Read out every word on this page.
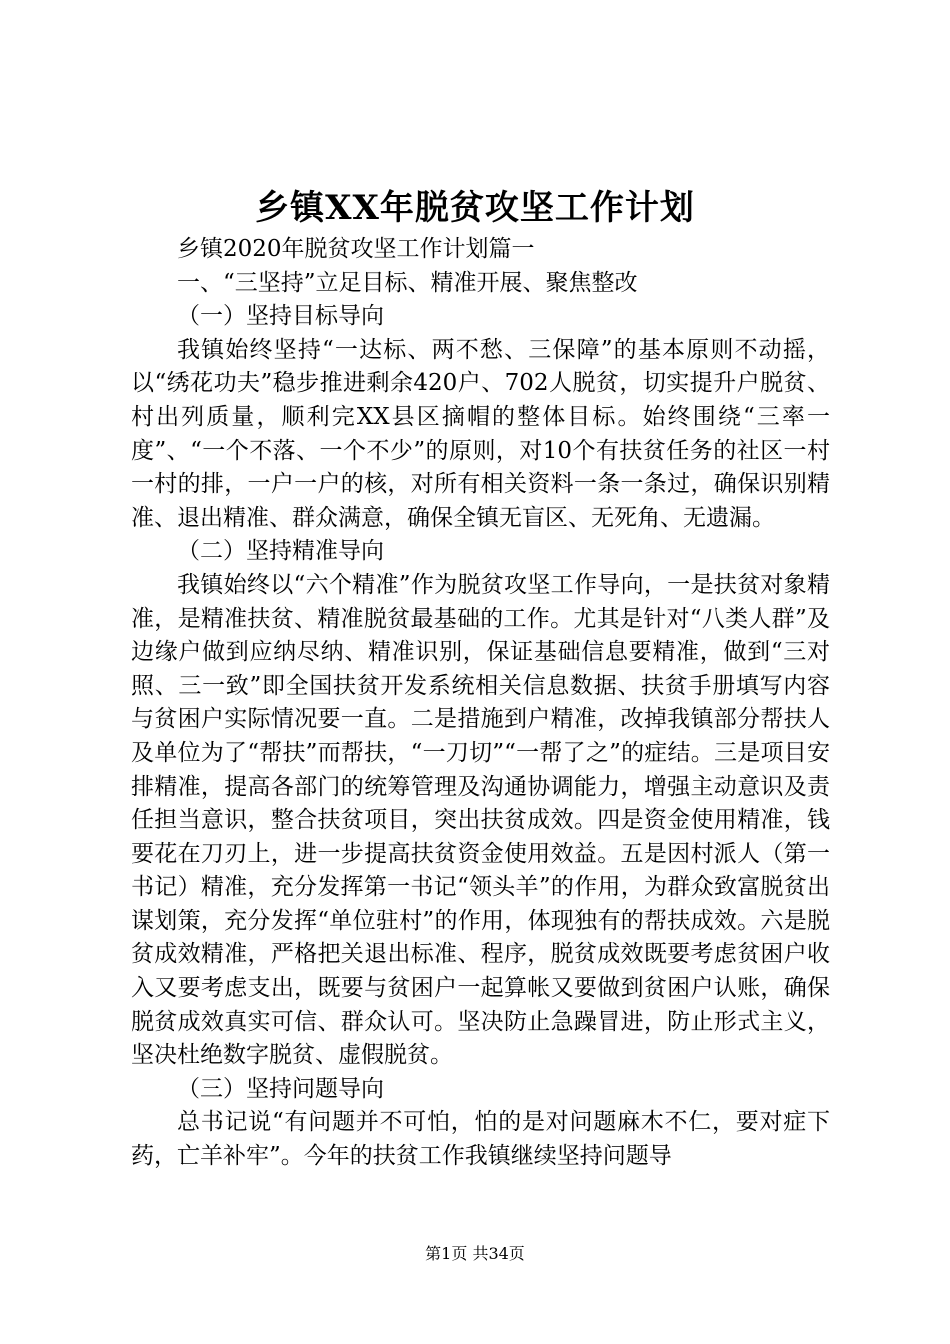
乡镇XX年脱贫攻坚工作计划

乡镇2020年脱贫攻坚工作计划篇一

一、“三坚持”立足目标、精准开展、聚焦整改

（一）坚持目标导向

我镇始终坚持“一达标、两不愁、三保障”的基本原则不动摇，以“绣花功夫”稳步推进剩余420户、702人脱贫，切实提升户脱贫、村出列质量，顺利完XX县区摘帽的整体目标。始终围绕“三率一度”、“一个不落、一个不少”的原则，对10个有扶贫任务的社区一村一村的排，一户一户的核，对所有相关资料一条一条过，确保识别精准、退出精准、群众满意，确保全镇无盲区、无死角、无遗漏。

（二）坚持精准导向

我镇始终以“六个精准”作为脱贫攻坚工作导向，一是扶贫对象精准，是精准扶贫、精准脱贫最基础的工作。尤其是针对“八类人群”及边缘户做到应纳尽纳、精准识别，保证基础信息要精准，做到“三对照、三一致”即全国扶贫开发系统相关信息数据、扶贫手册填写内容与贫困户实际情况要一直。二是措施到户精准，改掉我镇部分帮扶人及单位为了“帮扶”而帮扶，“一刀切”“一帮了之”的症结。三是项目安排精准，提高各部门的统筹管理及沟通协调能力，增强主动意识及责任担当意识，整合扶贫项目，突出扶贫成效。四是资金使用精准，钱要花在刀刃上，进一步提高扶贫资金使用效益。五是因村派人（第一书记）精准，充分发挥第一书记“领头羊”的作用，为群众致富脱贫出谋划策，充分发挥“单位驻村”的作用，体现独有的帮扶成效。六是脱贫成效精准，严格把关退出标准、程序，脱贫成效既要考虑贫困户收入又要考虑支出，既要与贫困户一起算帐又要做到贫困户认账，确保脱贫成效真实可信、群众认可。坚决防止急躁冒进，防止形式主义，坚决杜绝数字脱贫、虚假脱贫。

（三）坚持问题导向

总书记说“有问题并不可怕，怕的是对问题麻木不仁，要对症下药，亡羊补牢”。今年的扶贫工作我镇继续坚持问题导

第1页 共34页
